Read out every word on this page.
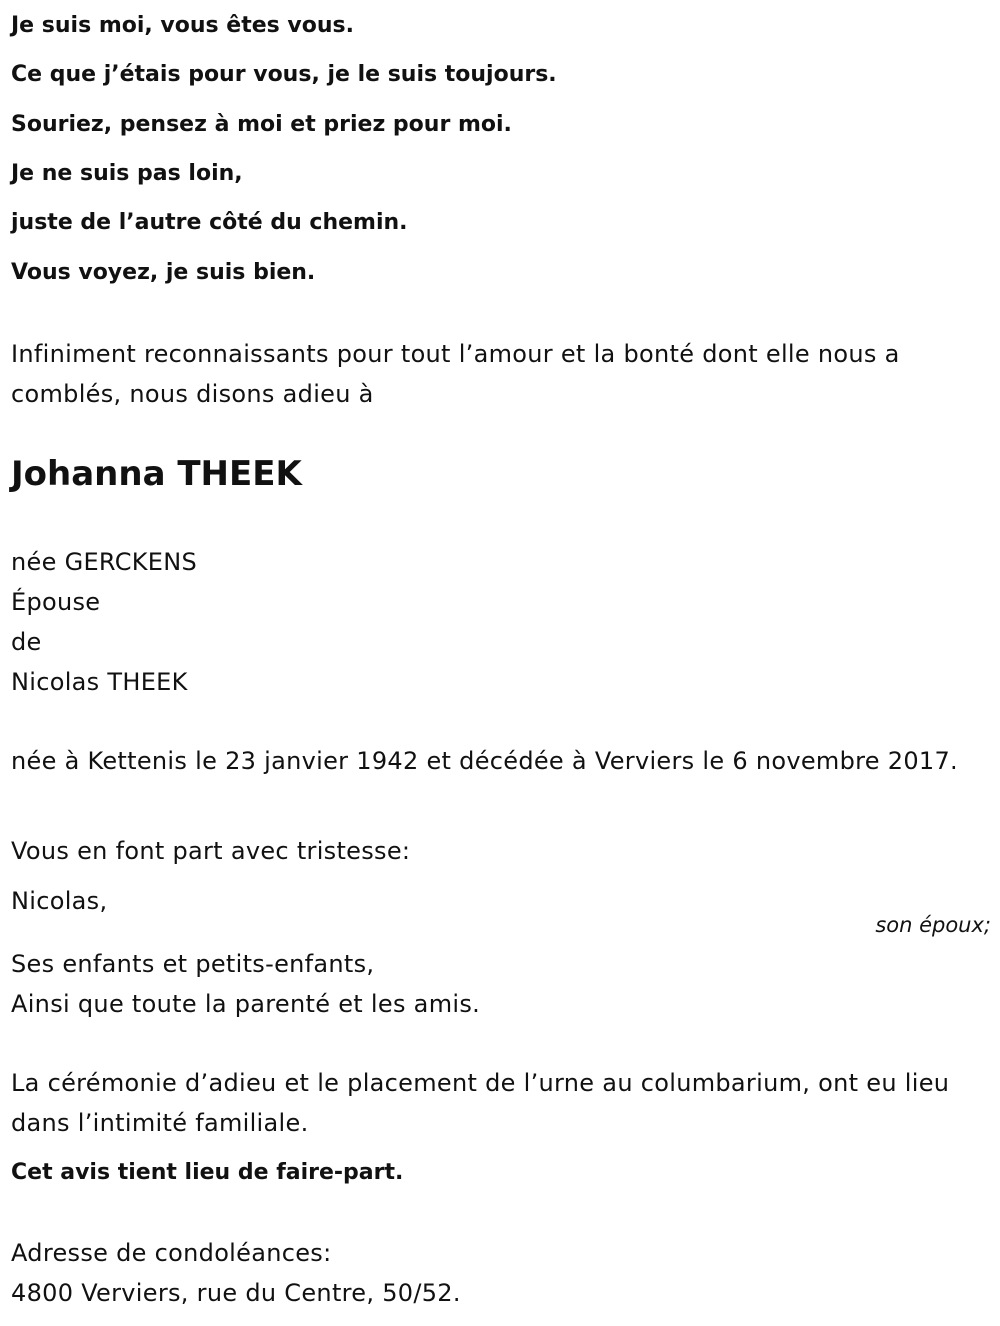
Je suis moi, vous êtes vous.
Ce que j’étais pour vous, je le suis toujours.
Souriez, pensez à moi et priez pour moi.
Je ne suis pas loin,
juste de l’autre côté du chemin.
Vous voyez, je suis bien.
Infiniment reconnaissants pour tout l’amour et la bonté dont elle nous a comblés, nous disons adieu à
Johanna THEEK
née GERCKENS
Épouse
de
Nicolas THEEK
née à Kettenis le 23 janvier 1942 et décédée à Verviers le 6 novembre 2017.
Vous en font part avec tristesse:
Nicolas,
son époux;
Ses enfants et petits-enfants,
Ainsi que toute la parenté et les amis.
La cérémonie d’adieu et le placement de l’urne au columbarium, ont eu lieu dans l’intimité familiale.
Cet avis tient lieu de faire-part.
Adresse de condoléances:
4800 Verviers, rue du Centre, 50/52.
